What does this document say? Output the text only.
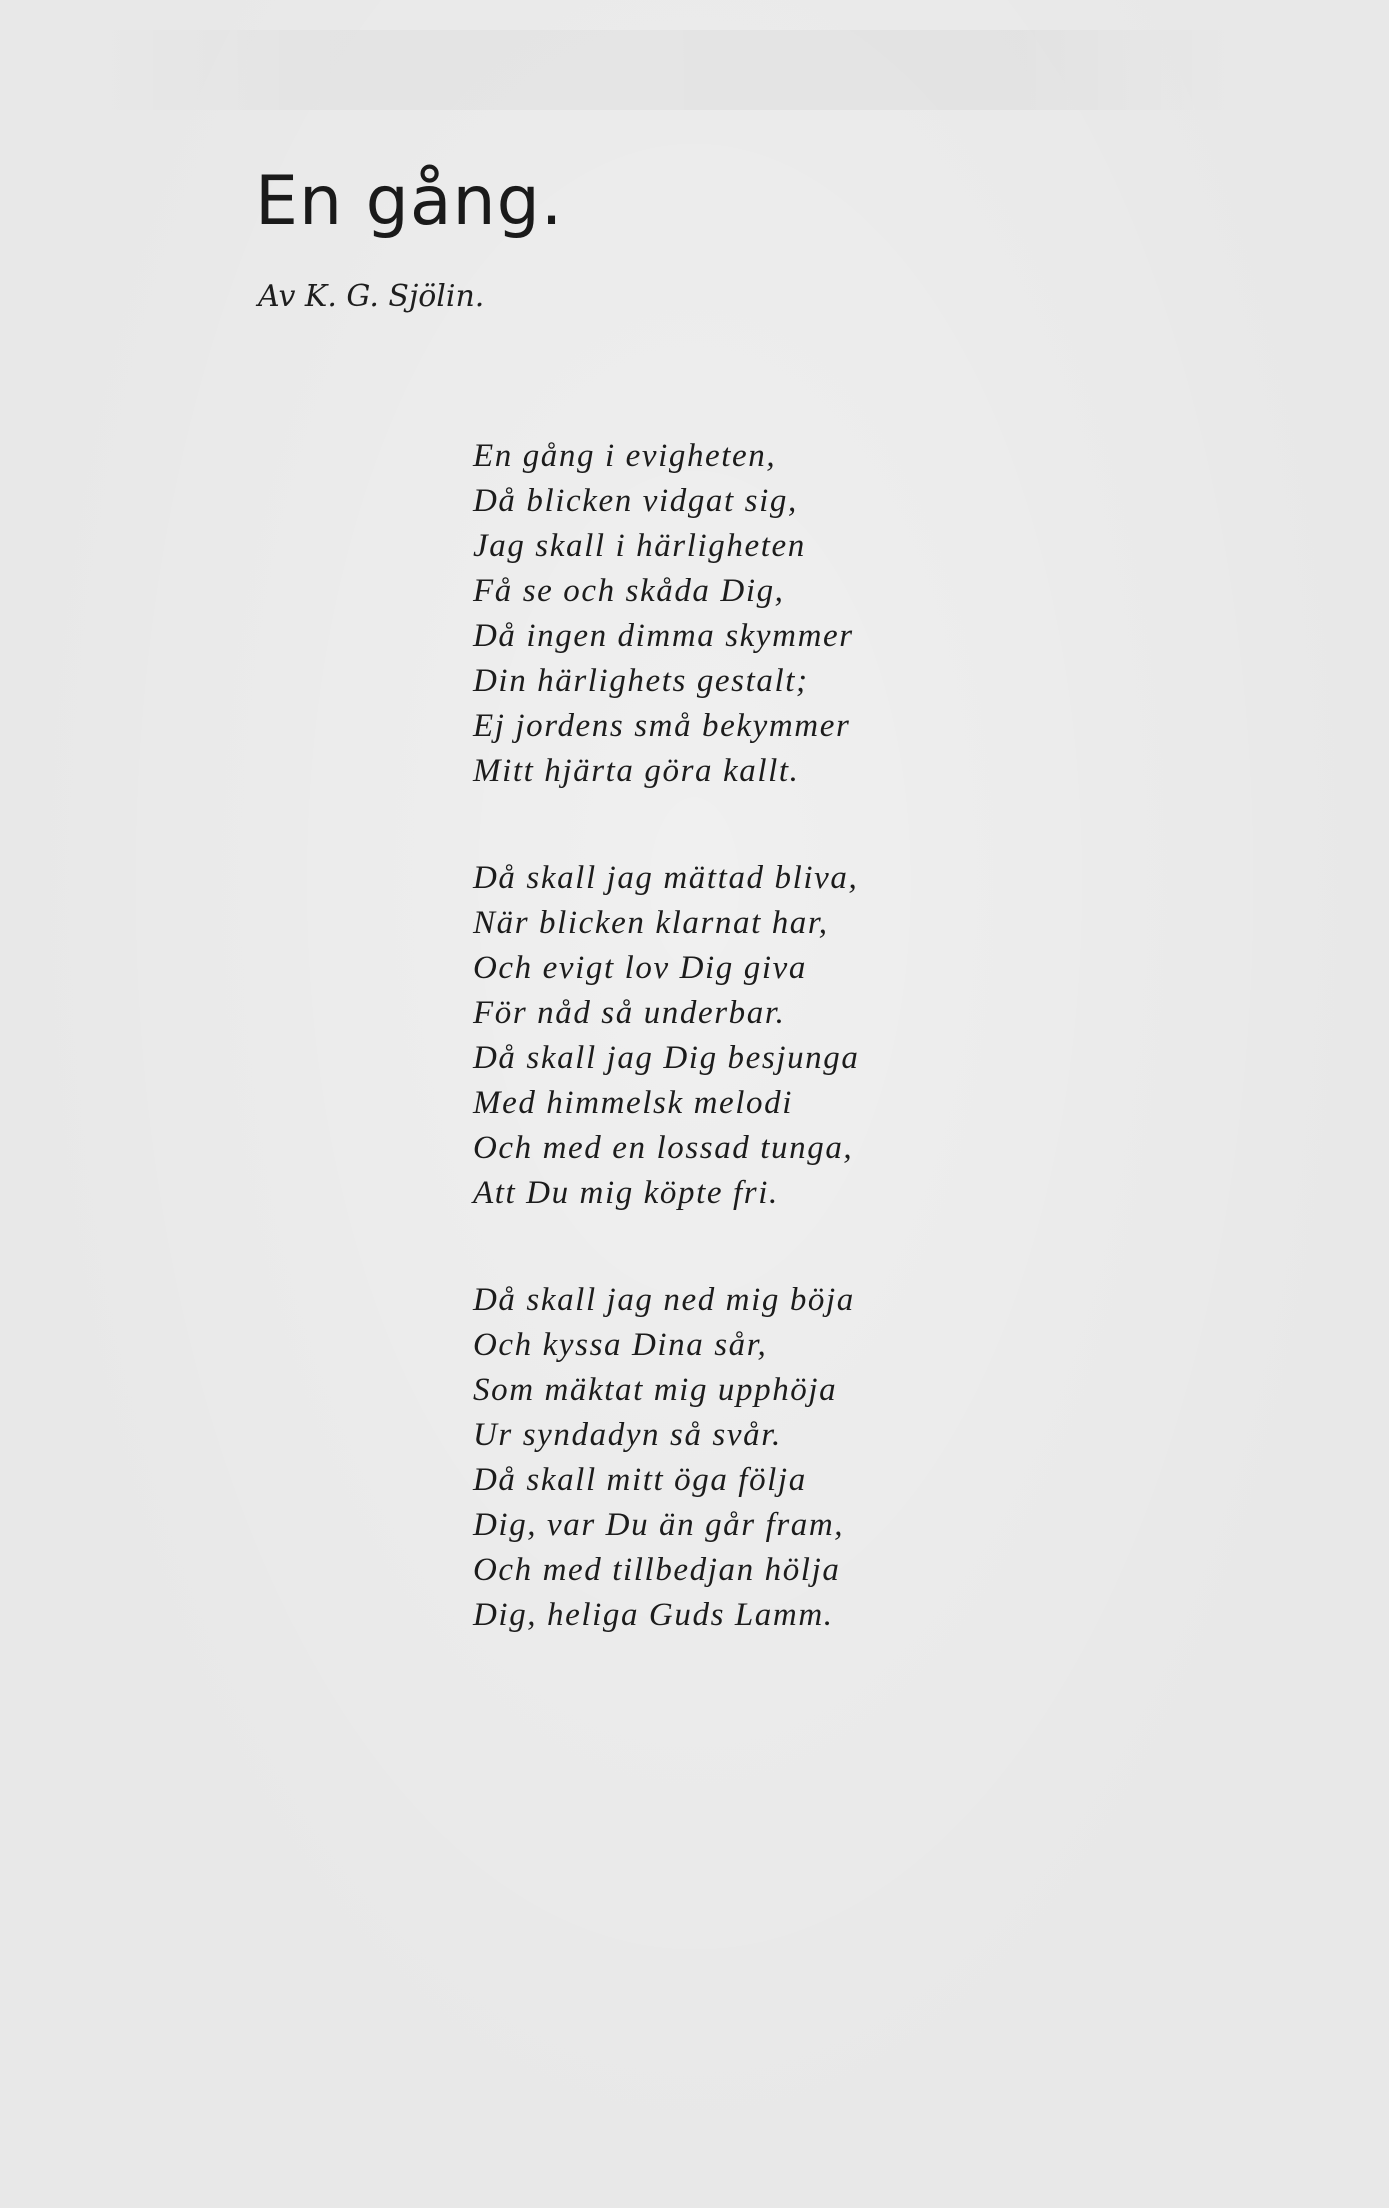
En gång.

Av K. G. Sjölin.

En gång i evigheten,
Då blicken vidgat sig,
Jag skall i härligheten
Få se och skåda Dig,
Då ingen dimma skymmer
Din härlighets gestalt;
Ej jordens små bekymmer
Mitt hjärta göra kallt.
Då skall jag mättad bliva,
När blicken klarnat har,
Och evigt lov Dig giva
För nåd så underbar.
Då skall jag Dig besjunga
Med himmelsk melodi
Och med en lossad tunga,
Att Du mig köpte fri.
Då skall jag ned mig böja
Och kyssa Dina sår,
Som mäktat mig upphöja
Ur syndadyn så svår.
Då skall mitt öga följa
Dig, var Du än går fram,
Och med tillbedjan hölja
Dig, heliga Guds Lamm.
